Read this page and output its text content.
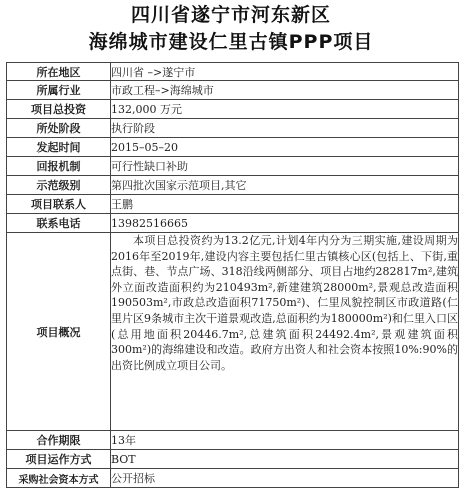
四川省遂宁市河东新区
海绵城市建设仁里古镇PPP项目
所在地区	四川省 –>遂宁市
所属行业	市政工程–>海绵城市
项目总投资	132,000 万元
所处阶段	执行阶段
发起时间	2015–05–20
回报机制	可行性缺口补助
示范级别	第四批次国家示范项目,其它
项目联系人	王鹏
联系电话	13982516665
项目概况	本项目总投资约为13.2亿元,计划4年内分为三期实施,建设周期为2016年至2019年,建设内容主要包括仁里古镇核心区(包括上、下街,重点街、巷、节点广场、318沿线两侧部分、项目占地约282817m²,建筑外立面改造面积约为210493m²,新建建筑28000m²,景观总改造面积190503m²,市政总改造面积71750m²)、仁里凤貌控制区市政道路(仁里片区9条城市主次干道景观改造,总面积约为180000m²)和仁里入口区(总用地面积20446.7m²,总建筑面积24492.4m²,景观建筑面积300m²)的海绵建设和改造。政府方出资人和社会资本按照10%:90%的出资比例成立项目公司。
合作期限	13年
项目运作方式	BOT
采购社会资本方式	公开招标
